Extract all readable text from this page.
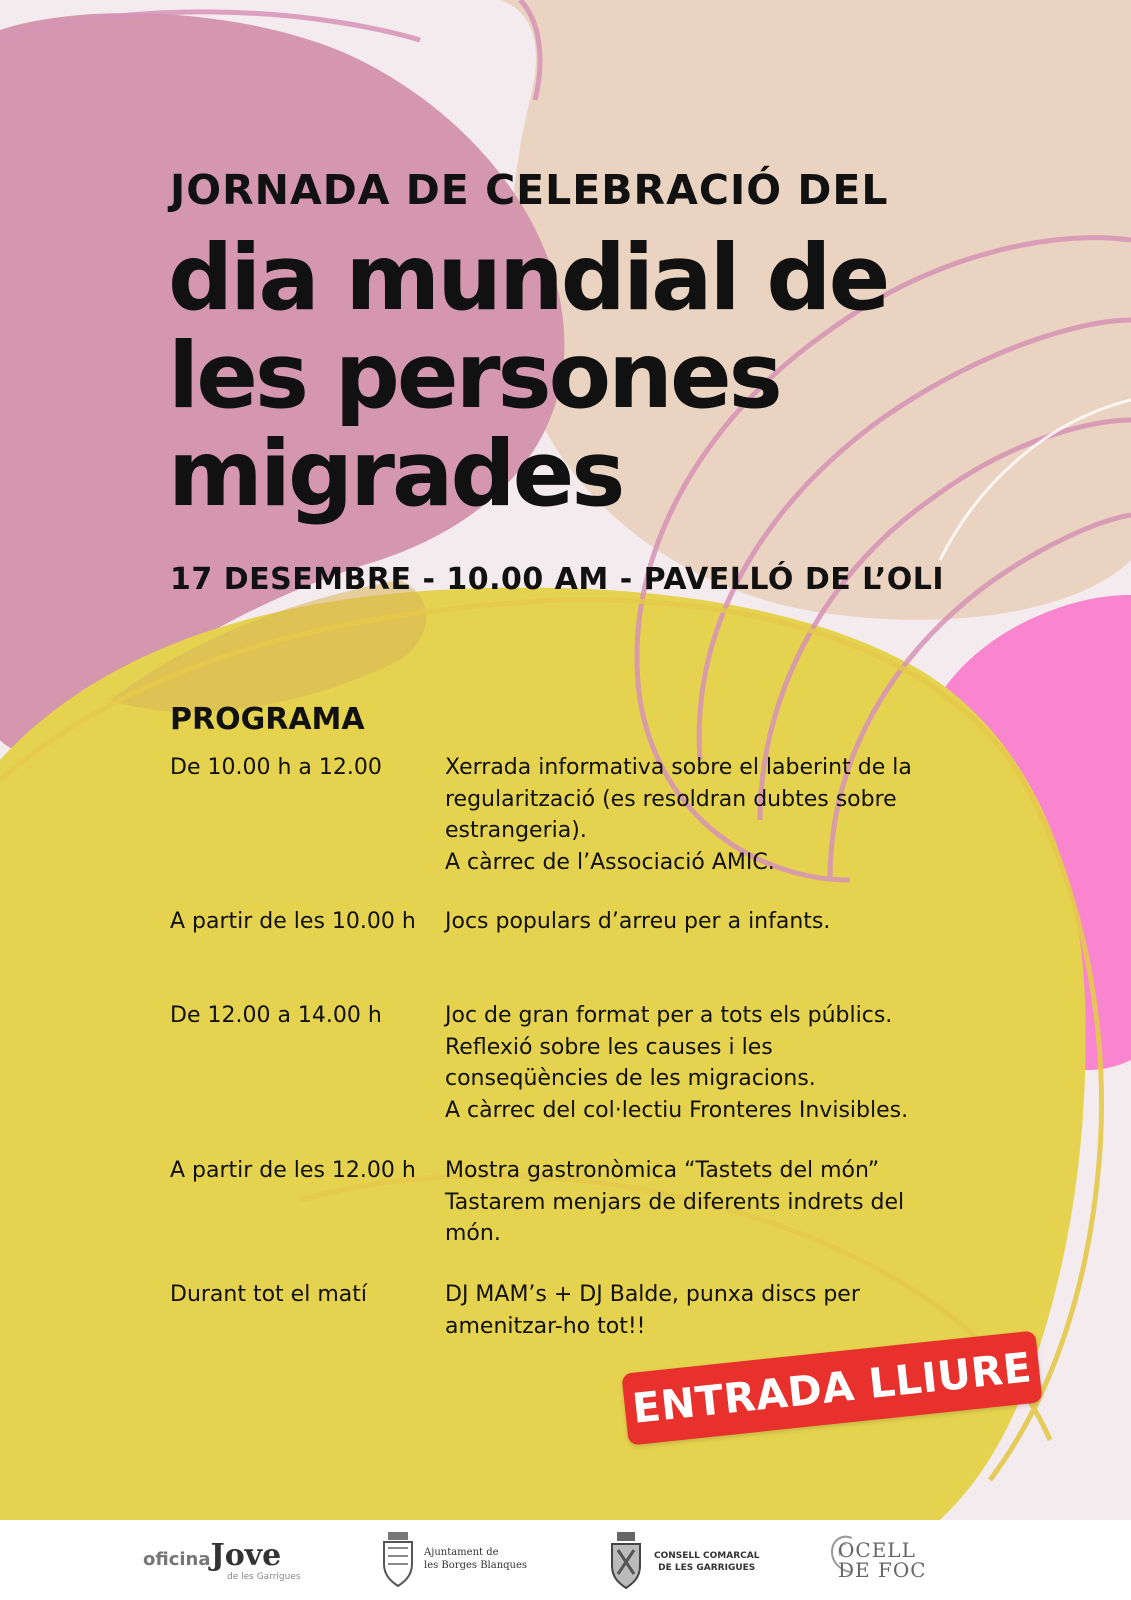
JORNADA DE CELEBRACIÓ DEL
dia mundial de
les persones
migrades
17 DESEMBRE - 10.00 AM - PAVELLÓ DE L’OLI
PROGRAMA
De 10.00 h a 12.00	Xerrada informativa sobre el laberint de la
regularització (es resoldran dubtes sobre
estrangeria).
A càrrec de l’Associació AMIC.
A partir de les 10.00 h	Jocs populars d’arreu per a infants.
De 12.00 a 14.00 h	Joc de gran format per a tots els públics.
Reflexió sobre les causes i les
conseqüències de les migracions.
A càrrec del col·lectiu Fronteres Invisibles.
A partir de les 12.00 h	Mostra gastronòmica “Tastets del món”
Tastarem menjars de diferents indrets del
món.
Durant tot el matí	DJ MAM’s + DJ Balde, punxa discs per
amenitzar-ho tot!!
ENTRADA LLIURE
oficinaJove
de les Garrigues
Ajuntament de
les Borges Blanques
CONSELL COMARCAL
DE LES GARRIGUES
OCELL
DE FOC
